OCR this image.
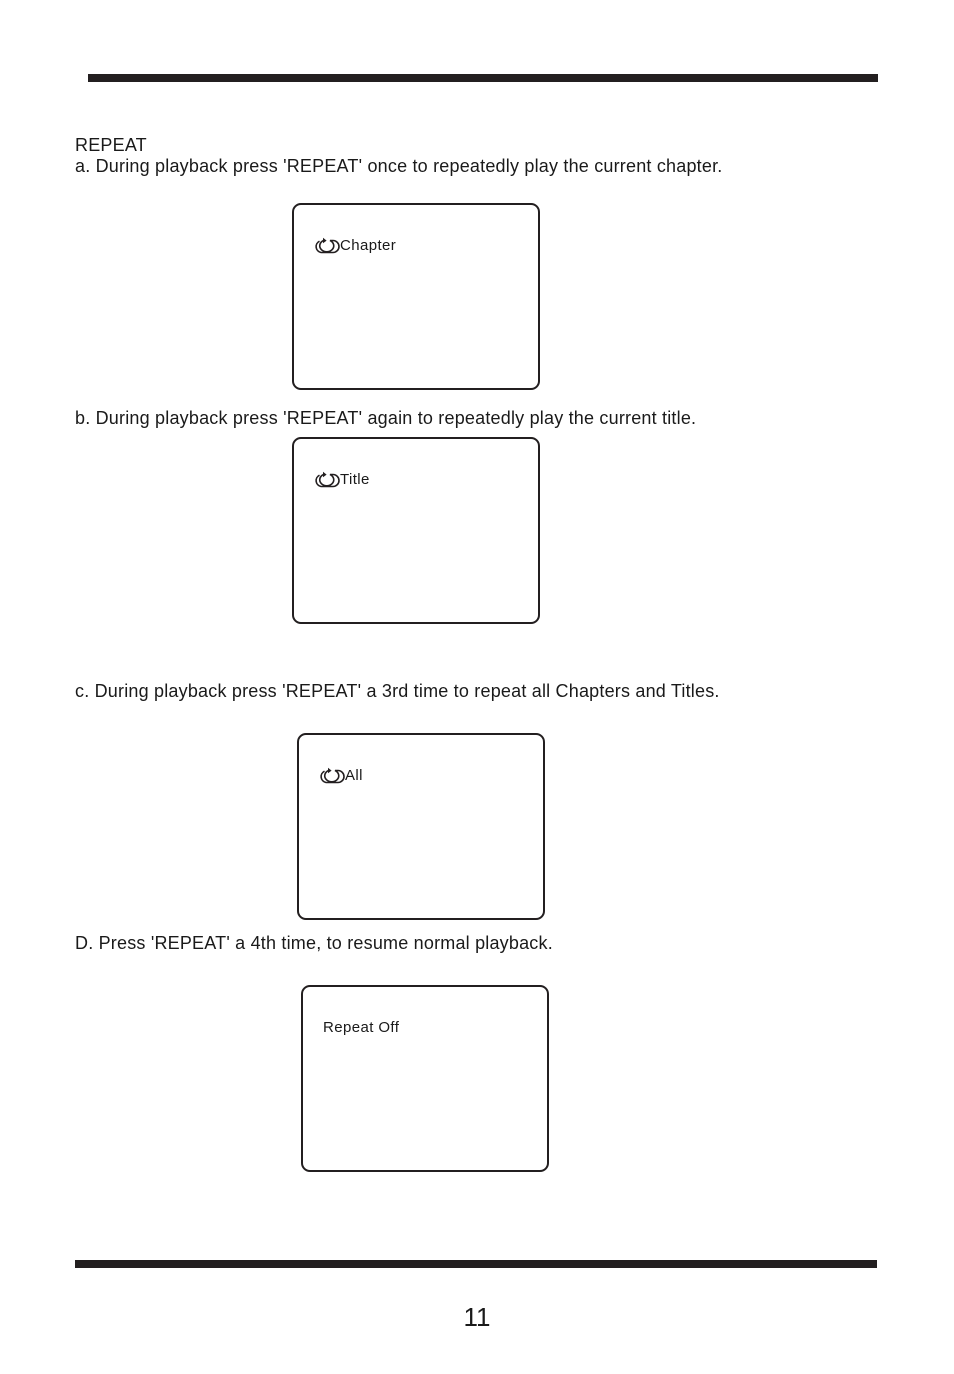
REPEAT
a. During playback press 'REPEAT' once to repeatedly play the current chapter.
Chapter
b. During playback press 'REPEAT' again to repeatedly play the current title.
Title
c. During playback press 'REPEAT' a 3rd time to repeat all Chapters and Titles.
All
D. Press 'REPEAT' a 4th time, to resume normal playback.
Repeat Off
11
